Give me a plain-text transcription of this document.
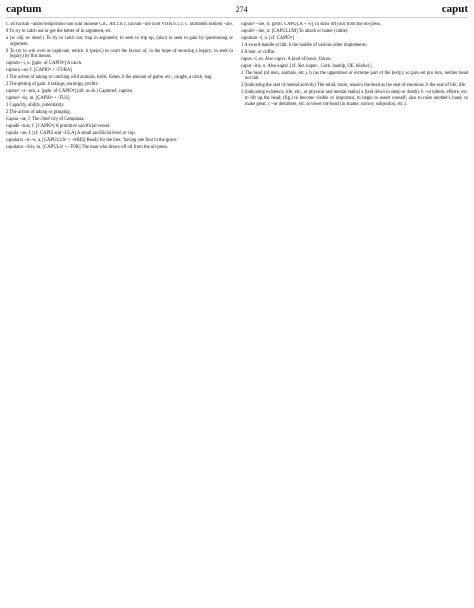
captum	274	caput

c. ad lucrum ~andis temporibus non sunt idoneae CIC. Att.1.6.1; lucrum ~are licet VITR.6.1.1; c. utilitatem hostem ~are.

8 To try to catch out or get the better of in argument, etc.

a (w. obj. or absol.) To try to catch out, trap in argument; to seek to trip up; (also) to seek to gain by questioning or argument.

9 To try to win over or captivate, entice. b (pejor.) to court the favour of, in the hope of securing a legacy; to seek (a legacy) by this means.

captum ~i, n. [pple. of CAPIO²] A catch.

captura ~ae, f. [CAPIO² + -TURA]

1 The action of taking or catching wild animals, birds, fishes. b the amount of game, etc., caught, a catch, bag.

2 The getting of gain. b takings, earnings, profits.

captus¹ ~a ~um, a. [pple. of CAPIO²] (oft. as sb.) Captured, captive.

captus² ~ūs, m. [CAPIO² + -TUS]

1 Capacity, ability, potentiality.

2 The action of taking or grasping.

Capua ~ae, f. The chief city of Campania.

capudē ~inis, f. [CAPIO²] A primitive sacrificial vessel.

capula ~ae, f. [cf. CAPIS and ~ULA] A small sacrificial bowl or cup.

capularis ~is ~e, a. [CAPULUS¹ + -ARIS] Ready for the bier, 'having one foot in the grave.'

capulator ~ōris, m. [CAPULō¹ + -TOR] The man who draws off oil from the oil-press.

capulō¹ ~āre, tr. [prob. CAPULA + -ō] To draw off (oil) from the oil-press.

capulō² ~āre, tr. [CAPULUM] To attach or halter (cattle).

capulum ~ī, n. [cf. CAPIO²]

1 A sword-handle or hilt. b the handle of various other implements.

2 A bier, or coffin.

capus ~ī, m. Also capys. A kind of hawk, falcon.

caput ~itis, n. Also kaput. [cf. Skt. kaput-, Goth. haubiþ, OE. hēafod.]

1 The head (of men, animals, etc.). b (as the uppermost or extreme part of the body); so pars est pro toto, neither head nor tail.

2 (indicating the seat of mental activity) The mind, brain, reason; the head as the seat of emotions. b the seat of life; life.

3 (indicating existence, life, etc., or physical and mental status) a (laid down in sleep or death). b ~ut tollere, efferre, etc. to lift up the head; (fig.) to become visible or important, to begin to assert oneself; also to raise another's hand; to make great. c ~ut demittere, etc. to lower the head (in shame, sorrow, subjection, etc.).
